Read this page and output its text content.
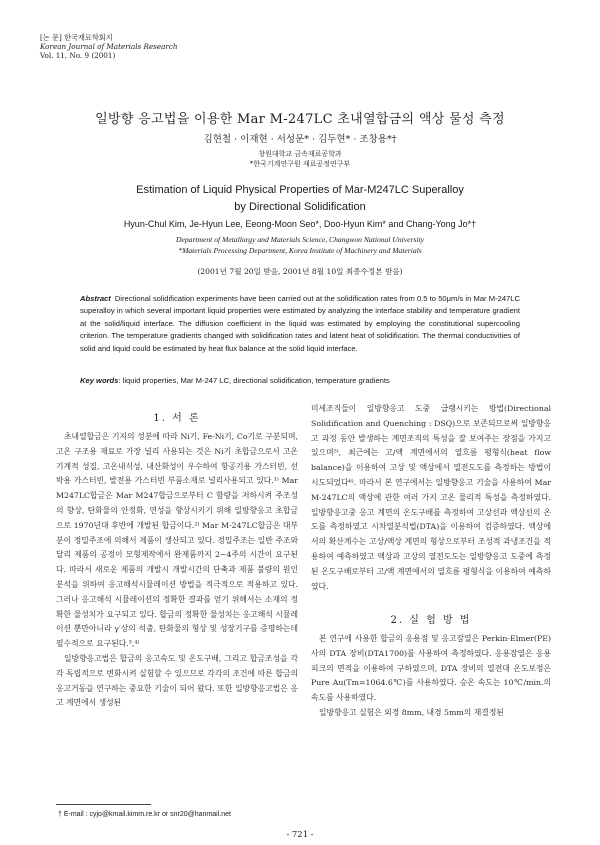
[논 문] 한국재료학회지
Korean Journal of Materials Research
Vol. 11, No. 9 (2001)
일방향 응고법을 이용한 Mar M-247LC 초내열합금의 액상 물성 측정
김현철 · 이재현 · 서성문* · 김두현* · 조창용*†
창원대학교 금속재료공학과
*한국기계연구원 재료공정연구부
Estimation of Liquid Physical Properties of Mar-M247LC Superalloy
by Directional Solidification
Hyun-Chul Kim, Je-Hyun Lee, Eeong-Moon Seo*, Doo-Hyun Kim* and Chang-Yong Jo*†
Department of Metallurgy and Materials Science, Changwon National University
*Materials Processing Department, Korea Institute of Machinery and Materials
(2001년 7월 20일 받음, 2001년 8월 10일 최종수정본 받음)
Abstract Directional solidification experiments have been carried out at the solidification rates from 0.5 to 50μm/s in Mar M-247LC superalloy in which several important liquid properties were estimated by analyzing the interface stability and temperature gradient at the solid/liquid interface. The diffusion coefficient in the liquid was estimated by employing the constitutional supercooling criterion. The temperature gradients changed with solidification rates and latent heat of solidification. The thermal conductivities of solid and liquid could be estimated by heat flux balance at the solid liquid interface.
Key words: liquid properties, Mar M-247 LC, directional solidification, temperature gradients
1. 서 론

초내열합금은 기지의 성분에 따라 Ni기, Fe-Ni기, Co기로 구분되며, 고온 구조용 재료로 가장 널리 사용되는 것은 Ni기 초합금으로서 고온 기계적 성질, 고온내식성, 내산화성이 우수하여 항공기용 가스터빈, 선박용 가스터빈, 발전용 가스터빈 부품소재로 널리사용되고 있다.¹⁾ Mar M247LC합금은 Mar M247합금으로부터 C 함량을 저하시켜 주조성의 향상, 탄화물의 안정화, 연성을 향상시키기 위해 일방향응고 초합금으로 1970년대 후반에 개발된 합금이다.²⁾ Mar M-247LC합금은 대부분이 정밀주조에 의해서 제품이 생산되고 있다. 정밀주조는 일반 주조와 달리 제품의 공정이 모형제작에서 완제품까지 2~4주의 시간이 요구된다. 따라서 새로운 제품의 개발시 개발시간의 단축과 제품 불량의 원인 분석을 위하여 응고해석시뮬레이션 방법을 적극적으로 적용하고 있다. 그러나 응고해석 시뮬레이션의 정확한 결과를 얻기 위해서는 소재의 정확한 물성치가 요구되고 있다. 합금의 정확한 물성치는 응고해석 시뮬레이션 뿐만아니라 γ′상의 석출, 탄화물의 형상 및 성장기구를 증명하는데 필수적으로 요구된다.³,⁴⁾

일방향응고법은 합금의 응고속도 및 온도구배, 그리고 합금조성을 각각 독립적으로 변화시켜 실험할 수 있으므로 각각의 조건에 따른 합금의 응고거동을 연구하는 중요한 기술이 되어 왔다. 또한 일방향응고법은 응고 계면에서 생성된

미세조직들이 일방향응고 도중 급랭시키는 방법(Directional Solidification and Quenching : DSQ)으로 보존되므로써 일방향응고 과정 동안 발생하는 계면조직의 특성을 잘 보여주는 장점을 가지고 있으며⁵⁾, 최근에는 고/액 계면에서의 열흐름 평형식(heat flow balance)을 이용하여 고상 및 액상에서 열전도도를 측정하는 방법이 시도되었다⁶⁾. 따라서 본 연구에서는 일방향응고 기술을 사용하여 Mar M-247LC의 액상에 관한 여러 가지 고온 물리적 특성을 측정하였다. 일방향응고중 응고 계면의 온도구배를 측정하여 고상선과 액상선의 온도를 측정하였고 시차열분석법(DTA)을 이용하여 검증하였다. 액상에서의 확산계수는 고상/액상 계면의 형상으로부터 조성적 과냉조건을 적용하여 예측하였고 액상과 고상의 열전도도는 일방향응고 도중에 측정된 온도구배로부터 고/액 계면에서의 열흐름 평형식을 이용하여 예측하였다.

2. 실 험 방 법

본 연구에 사용한 합금의 응용점 및 응고잠열은 Perkin-Elmer(PE)사의 DTA 장비(DTA1700)를 사용하여 측정하였다. 응용잠열은 응용피크의 면적을 이용하여 구하였으며, DTA 장비의 열전대 온도보정은 Pure Au(Tm=1064.6℃)를 사용하였다. 승온 속도는 10℃/min.의 속도를 사용하였다.

일방향응고 실험은 외경 8mm, 내경 5mm의 재결정된

† E-mail : cyjo@kmail.kimm.re.kr or snr20@hanmail.net
- 721 -
